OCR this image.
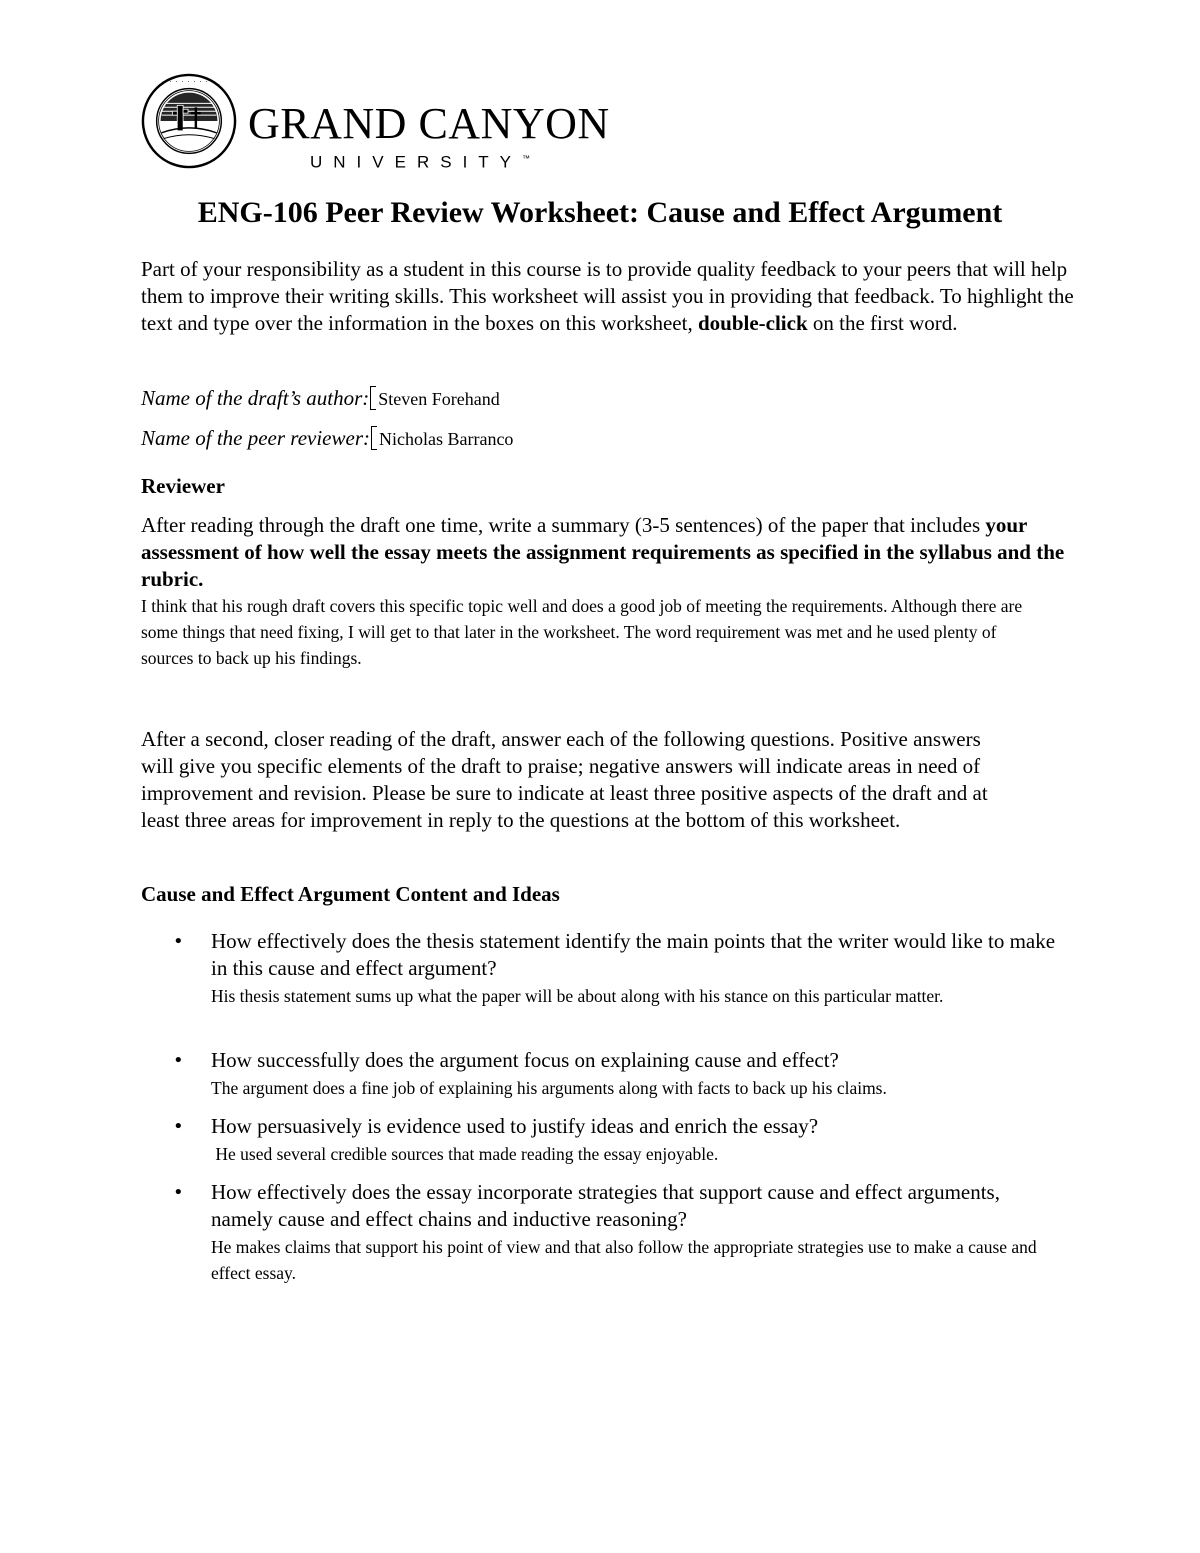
· · · · · · · · ·
GRAND CANYON
UNIVERSITY™
ENG-106 Peer Review Worksheet: Cause and Effect Argument
Part of your responsibility as a student in this course is to provide quality feedback to your peers that will help them to improve their writing skills. This worksheet will assist you in providing that feedback. To highlight the text and type over the information in the boxes on this worksheet, double-click on the first word.
Name of the draft’s author: Steven Forehand
Name of the peer reviewer: Nicholas Barranco
Reviewer
After reading through the draft one time, write a summary (3-5 sentences) of the paper that includes your assessment of how well the essay meets the assignment requirements as specified in the syllabus and the rubric.
I think that his rough draft covers this specific topic well and does a good job of meeting the requirements. Although there are some things that need fixing, I will get to that later in the worksheet. The word requirement was met and he used plenty of sources to back up his findings.
After a second, closer reading of the draft, answer each of the following questions. Positive answers will give you specific elements of the draft to praise; negative answers will indicate areas in need of improvement and revision. Please be sure to indicate at least three positive aspects of the draft and at least three areas for improvement in reply to the questions at the bottom of this worksheet.
Cause and Effect Argument Content and Ideas
• How effectively does the thesis statement identify the main points that the writer would like to make in this cause and effect argument?
His thesis statement sums up what the paper will be about along with his stance on this particular matter.
• How successfully does the argument focus on explaining cause and effect?
The argument does a fine job of explaining his arguments along with facts to back up his claims.
• How persuasively is evidence used to justify ideas and enrich the essay?
He used several credible sources that made reading the essay enjoyable.
• How effectively does the essay incorporate strategies that support cause and effect arguments, namely cause and effect chains and inductive reasoning?
He makes claims that support his point of view and that also follow the appropriate strategies use to make a cause and effect essay.
